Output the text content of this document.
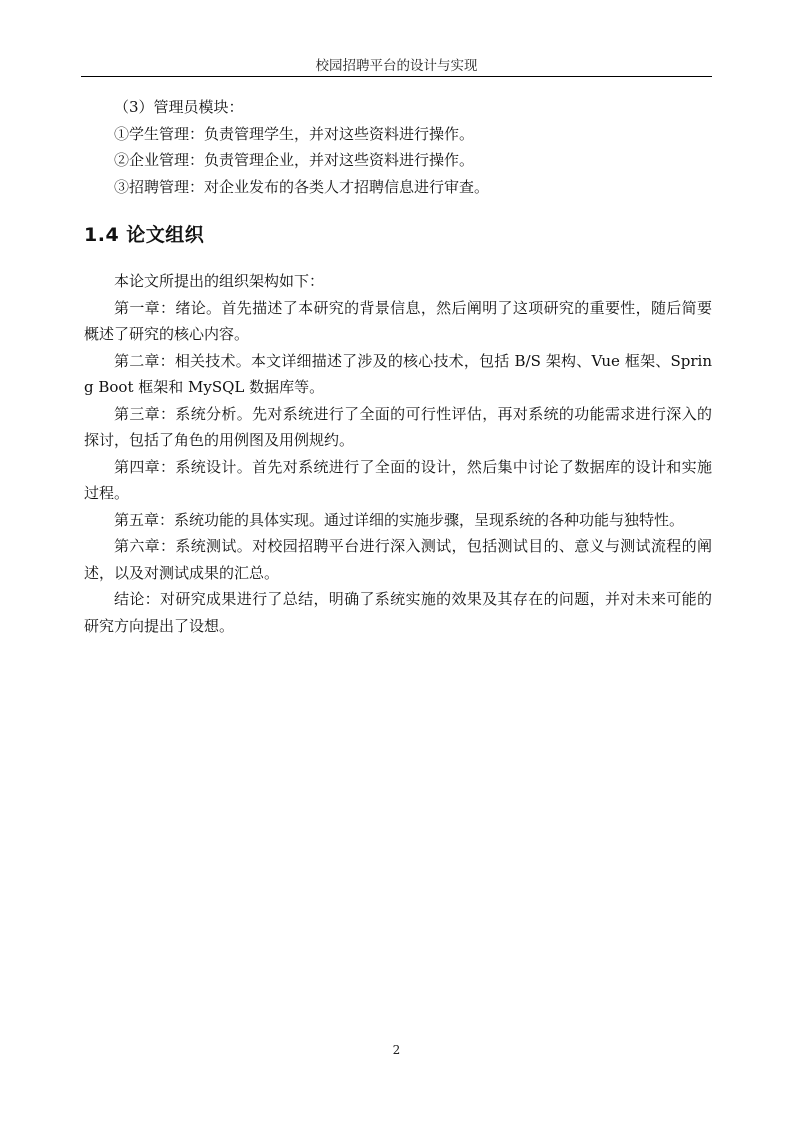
校园招聘平台的设计与实现

（3）管理员模块：

①学生管理：负责管理学生，并对这些资料进行操作。

②企业管理：负责管理企业，并对这些资料进行操作。

③招聘管理：对企业发布的各类人才招聘信息进行审查。

1.4 论文组织

本论文所提出的组织架构如下：

第一章：绪论。首先描述了本研究的背景信息，然后阐明了这项研究的重要性，随后简要概述了研究的核心内容。

第二章：相关技术。本文详细描述了涉及的核心技术，包括 B/S 架构、Vue 框架、Spring Boot 框架和 MySQL 数据库等。

第三章：系统分析。先对系统进行了全面的可行性评估，再对系统的功能需求进行深入的探讨，包括了角色的用例图及用例规约。

第四章：系统设计。首先对系统进行了全面的设计，然后集中讨论了数据库的设计和实施过程。

第五章：系统功能的具体实现。通过详细的实施步骤，呈现系统的各种功能与独特性。

第六章：系统测试。对校园招聘平台进行深入测试，包括测试目的、意义与测试流程的阐述，以及对测试成果的汇总。

结论：对研究成果进行了总结，明确了系统实施的效果及其存在的问题，并对未来可能的研究方向提出了设想。

2
